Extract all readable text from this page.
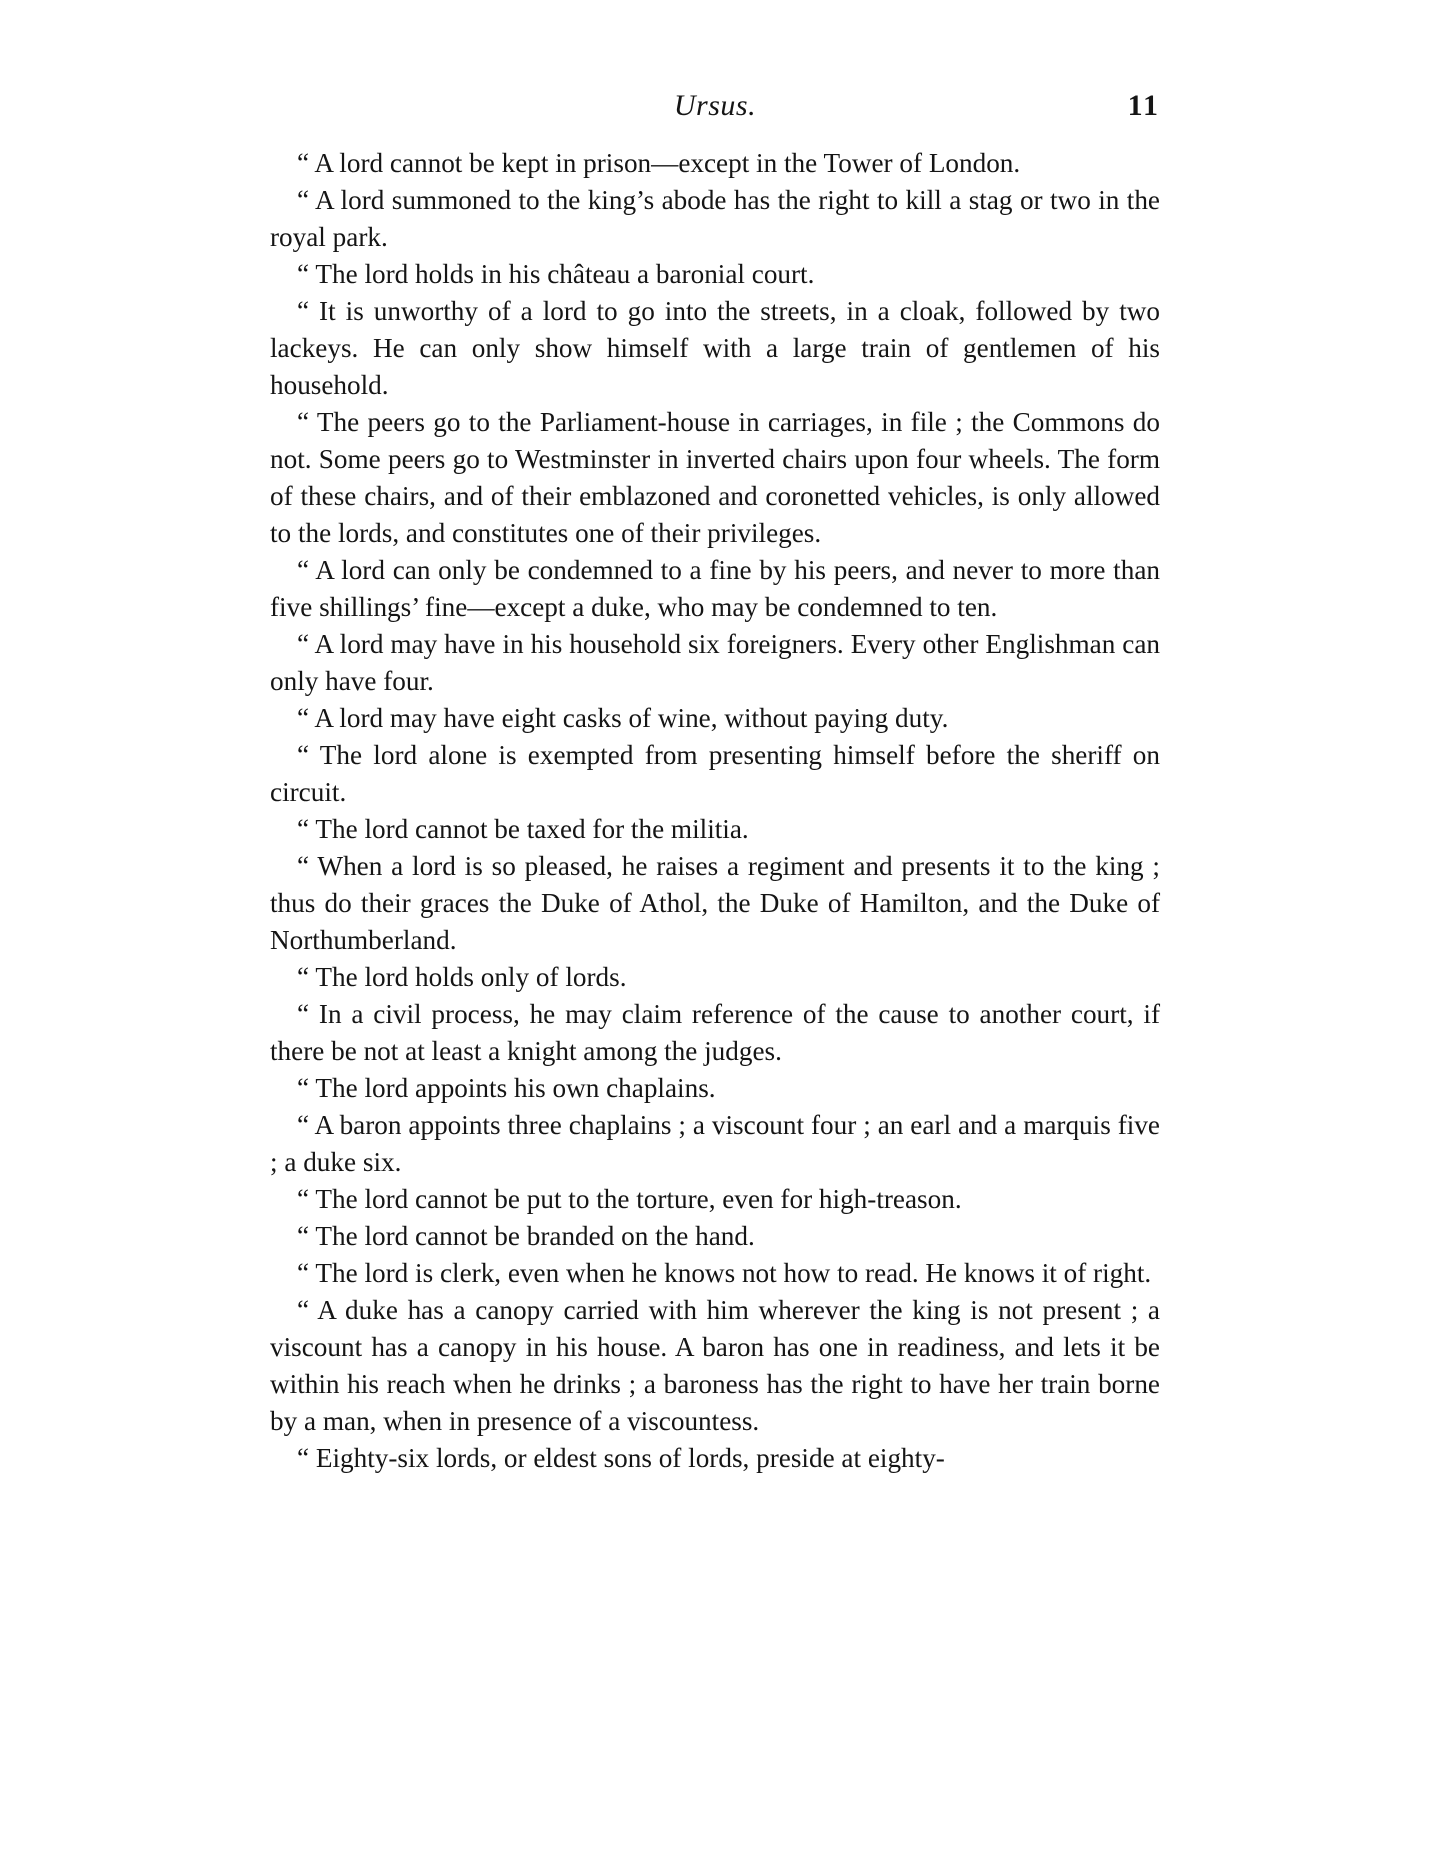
Ursus.	11

“ A lord cannot be kept in prison—except in the Tower of London.

“ A lord summoned to the king’s abode has the right to kill a stag or two in the royal park.

“ The lord holds in his château a baronial court.

“ It is unworthy of a lord to go into the streets, in a cloak, followed by two lackeys. He can only show himself with a large train of gentlemen of his household.

“ The peers go to the Parliament-house in carriages, in file ; the Commons do not. Some peers go to Westminster in inverted chairs upon four wheels. The form of these chairs, and of their emblazoned and coronetted vehicles, is only allowed to the lords, and constitutes one of their privileges.

“ A lord can only be condemned to a fine by his peers, and never to more than five shillings’ fine—except a duke, who may be condemned to ten.

“ A lord may have in his household six foreigners. Every other Englishman can only have four.

“ A lord may have eight casks of wine, without paying duty.

“ The lord alone is exempted from presenting himself before the sheriff on circuit.

“ The lord cannot be taxed for the militia.

“ When a lord is so pleased, he raises a regiment and presents it to the king ; thus do their graces the Duke of Athol, the Duke of Hamilton, and the Duke of Northumberland.

“ The lord holds only of lords.

“ In a civil process, he may claim reference of the cause to another court, if there be not at least a knight among the judges.

“ The lord appoints his own chaplains.

“ A baron appoints three chaplains ; a viscount four ; an earl and a marquis five ; a duke six.

“ The lord cannot be put to the torture, even for high-treason.

“ The lord cannot be branded on the hand.

“ The lord is clerk, even when he knows not how to read. He knows it of right.

“ A duke has a canopy carried with him wherever the king is not present ; a viscount has a canopy in his house. A baron has one in readiness, and lets it be within his reach when he drinks ; a baroness has the right to have her train borne by a man, when in presence of a viscountess.

“ Eighty-six lords, or eldest sons of lords, preside at eighty-
